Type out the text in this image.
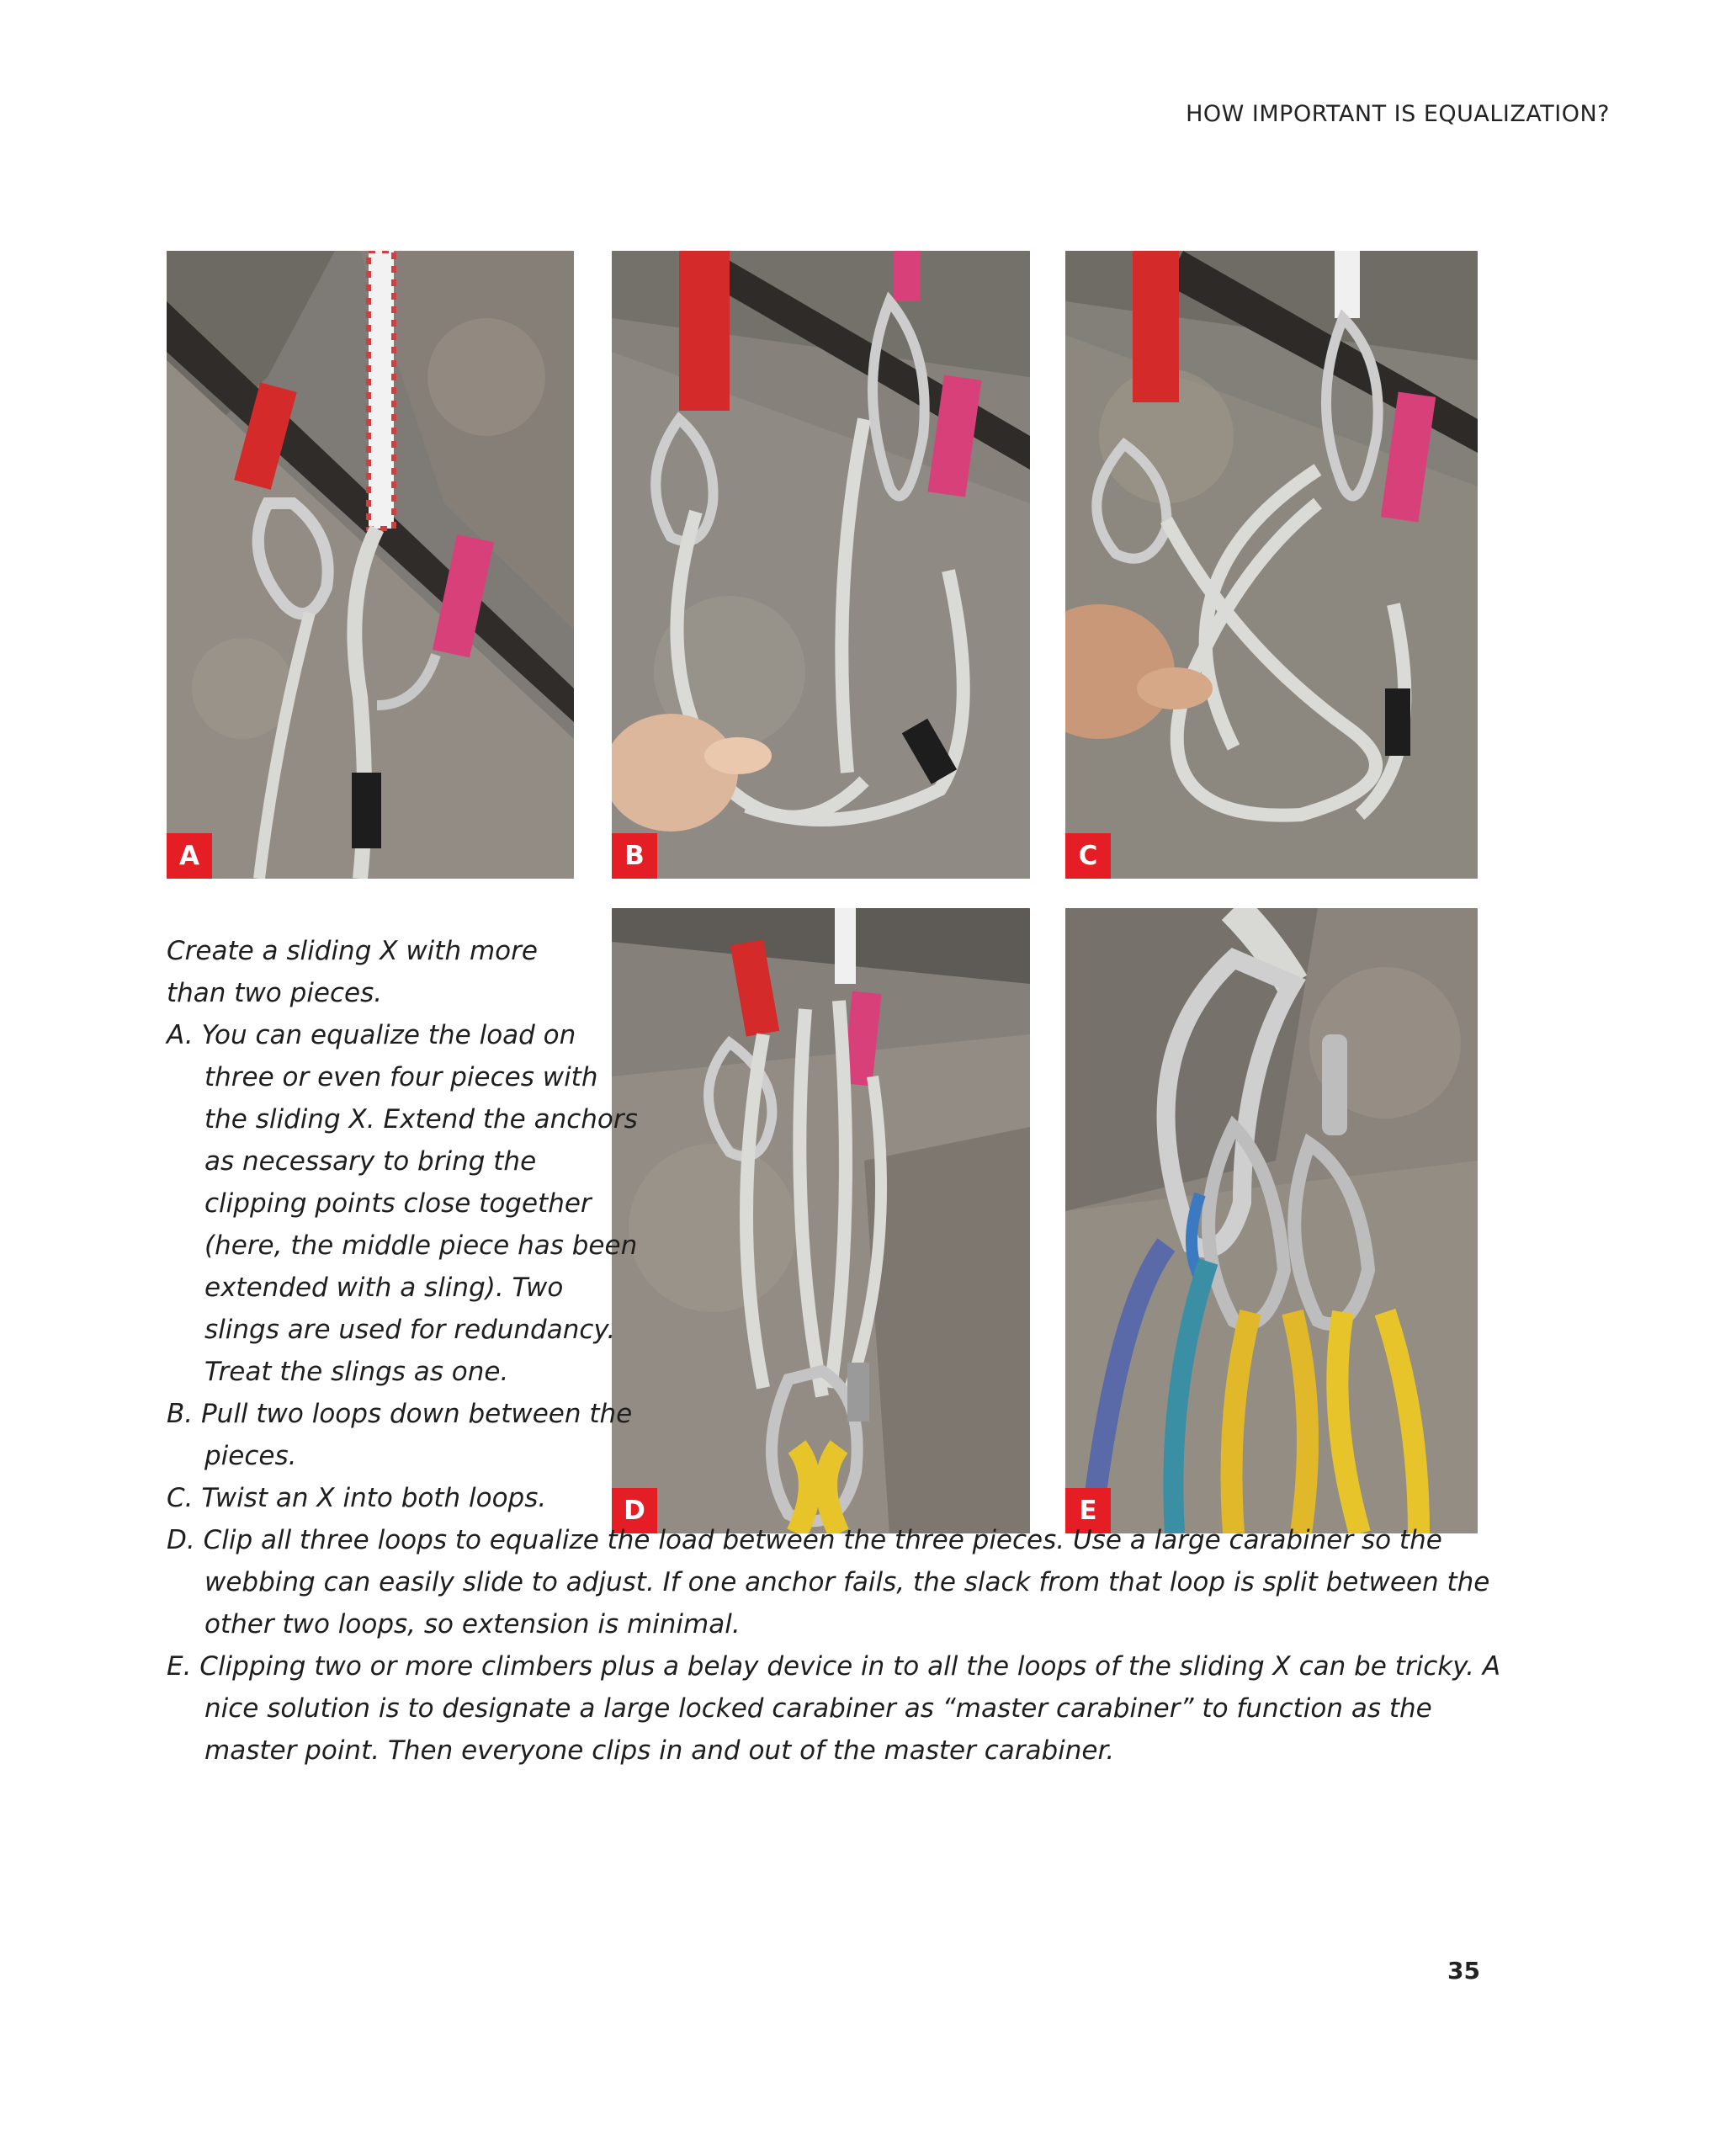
HOW IMPORTANT IS EQUALIZATION?
A	B	C
D	E

Create a sliding X with more than two pieces.

A. You can equalize the load on three or even four pieces with the sliding X. Extend the anchors as necessary to bring the clipping points close together (here, the middle piece has been extended with a sling). Two slings are used for redundancy. Treat the slings as one.

B. Pull two loops down between the pieces.

C. Twist an X into both loops.

D. Clip all three loops to equalize the load between the three pieces. Use a large carabiner so the webbing can easily slide to adjust. If one anchor fails, the slack from that loop is split between the other two loops, so extension is minimal.

E. Clipping two or more climbers plus a belay device in to all the loops of the sliding X can be tricky. A nice solution is to designate a large locked carabiner as “master carabiner” to function as the master point. Then everyone clips in and out of the master carabiner.

35
